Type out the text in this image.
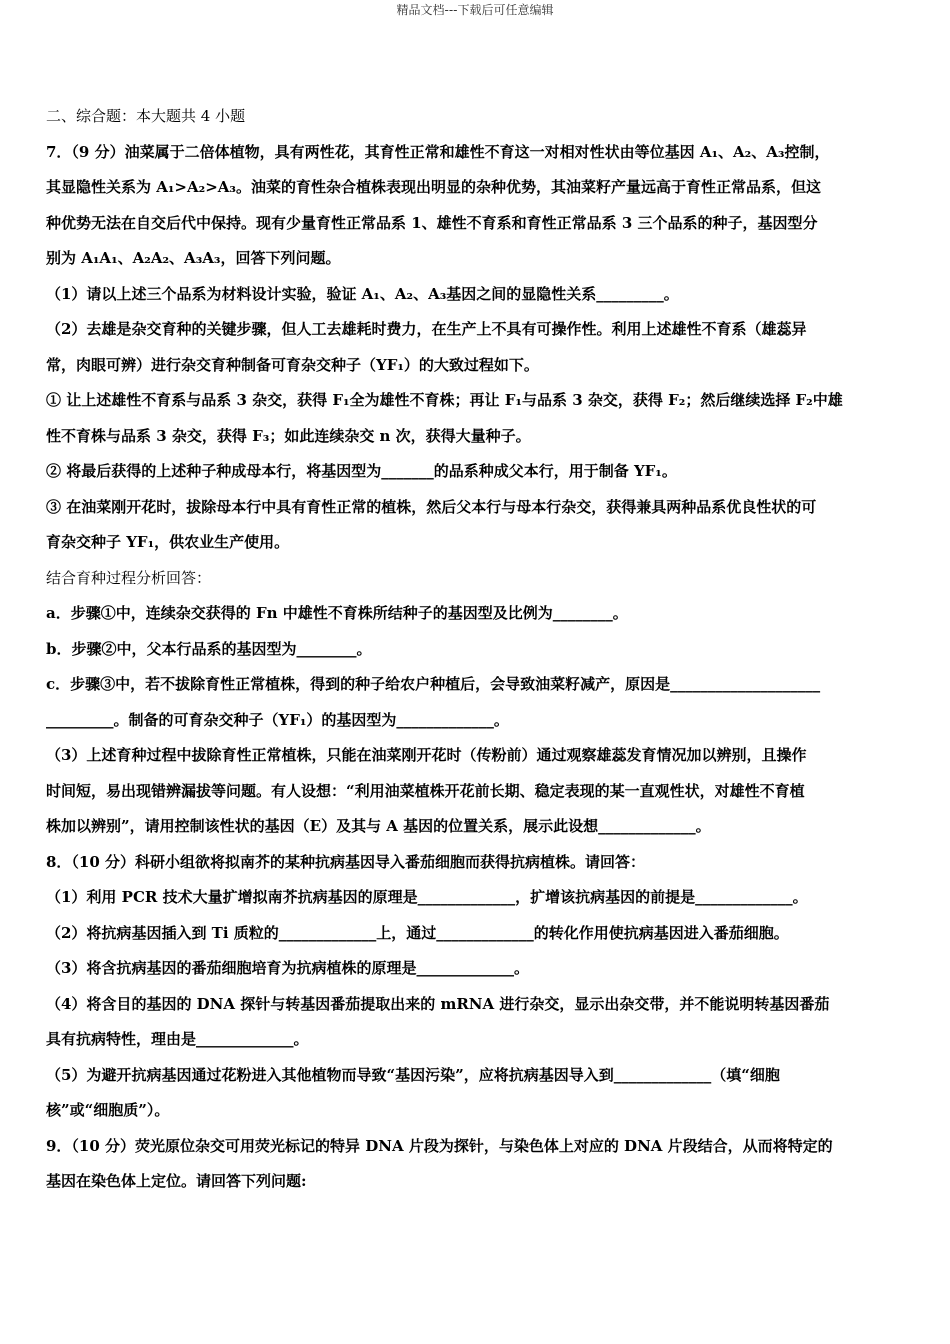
精品文档---下载后可任意编辑
二、综合题：本大题共 4 小题
7．（9 分）油菜属于二倍体植物，具有两性花，其育性正常和雄性不育这一对相对性状由等位基因 A₁、A₂、A₃控制，
其显隐性关系为 A₁>A₂>A₃。油菜的育性杂合植株表现出明显的杂种优势，其油菜籽产量远高于育性正常品系，但这
种优势无法在自交后代中保持。现有少量育性正常品系 1、雄性不育系和育性正常品系 3 三个品系的种子，基因型分
别为 A₁A₁、A₂A₂、A₃A₃，回答下列问题。
（1）请以上述三个品系为材料设计实验，验证 A₁、A₂、A₃基因之间的显隐性关系_________。
（2）去雄是杂交育种的关键步骤，但人工去雄耗时费力，在生产上不具有可操作性。利用上述雄性不育系（雄蕊异
常，肉眼可辨）进行杂交育种制备可育杂交种子（YF₁）的大致过程如下。
① 让上述雄性不育系与品系 3 杂交，获得 F₁全为雄性不育株；再让 F₁与品系 3 杂交，获得 F₂；然后继续选择 F₂中雄
性不育株与品系 3 杂交，获得 F₃；如此连续杂交 n 次，获得大量种子。
② 将最后获得的上述种子种成母本行，将基因型为_______的品系种成父本行，用于制备 YF₁。
③ 在油菜刚开花时，拔除母本行中具有育性正常的植株，然后父本行与母本行杂交，获得兼具两种品系优良性状的可
育杂交种子 YF₁，供农业生产使用。
结合育种过程分析回答：
a．步骤①中，连续杂交获得的 Fn 中雄性不育株所结种子的基因型及比例为________。
b．步骤②中，父本行品系的基因型为________。
c．步骤③中，若不拔除育性正常植株，得到的种子给农户种植后，会导致油菜籽减产，原因是____________________
_________。制备的可育杂交种子（YF₁）的基因型为_____________。
（3）上述育种过程中拔除育性正常植株，只能在油菜刚开花时（传粉前）通过观察雄蕊发育情况加以辨别，且操作
时间短，易出现错辨漏拔等问题。有人设想：“利用油菜植株开花前长期、稳定表现的某一直观性状，对雄性不育植
株加以辨别”，请用控制该性状的基因（E）及其与 A 基因的位置关系，展示此设想_____________。
8．（10 分）科研小组欲将拟南芥的某种抗病基因导入番茄细胞而获得抗病植株。请回答：
（1）利用 PCR 技术大量扩增拟南芥抗病基因的原理是_____________，扩增该抗病基因的前提是_____________。
（2）将抗病基因插入到 Ti 质粒的_____________上，通过_____________的转化作用使抗病基因进入番茄细胞。
（3）将含抗病基因的番茄细胞培育为抗病植株的原理是_____________。
（4）将含目的基因的 DNA 探针与转基因番茄提取出来的 mRNA 进行杂交，显示出杂交带，并不能说明转基因番茄
具有抗病特性，理由是_____________。
（5）为避开抗病基因通过花粉进入其他植物而导致“基因污染”，应将抗病基因导入到_____________（填“细胞
核”或“细胞质”）。
9．（10 分）荧光原位杂交可用荧光标记的特异 DNA 片段为探针，与染色体上对应的 DNA 片段结合，从而将特定的
基因在染色体上定位。请回答下列问题:
